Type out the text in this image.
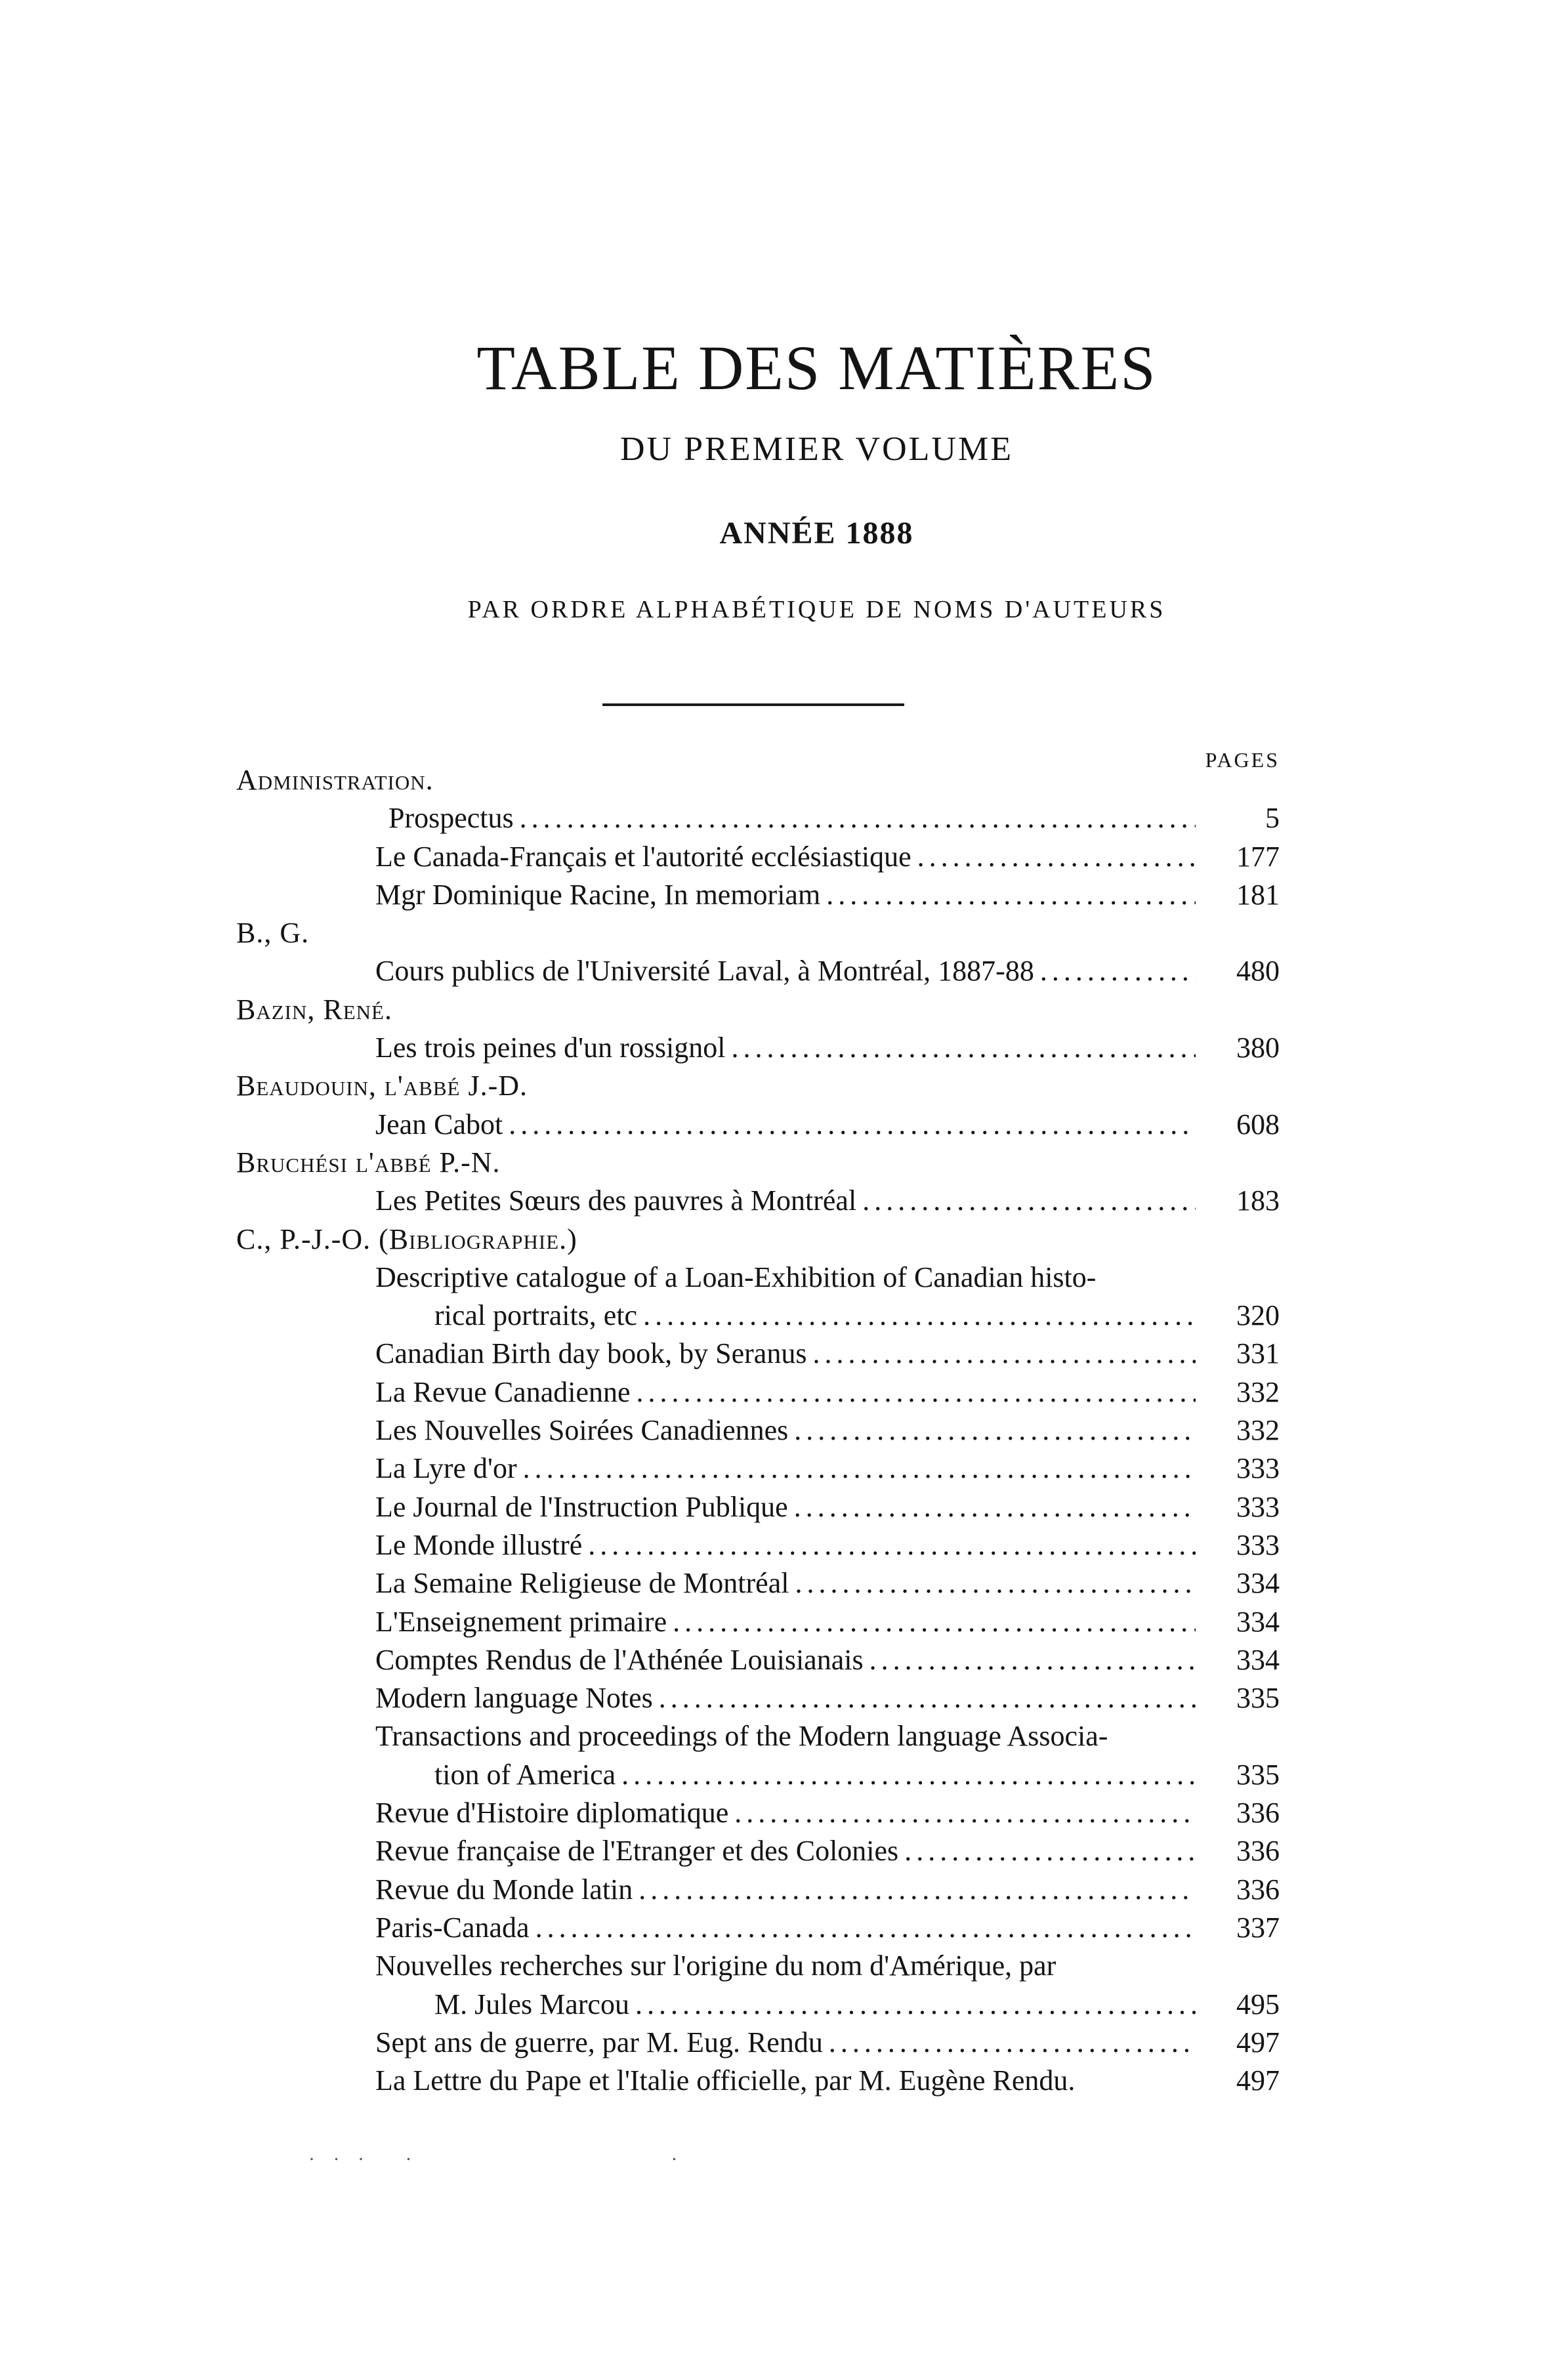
TABLE DES MATIÈRES
DU PREMIER VOLUME
ANNÉE 1888
PAR ORDRE ALPHABÉTIQUE DE NOMS D'AUTEURS
PAGES
Administration.
Prospectus . . .	5
Le Canada-Français et l'autorité ecclésiastique . . .	177
Mgr Dominique Racine, In memoriam . . .	181
B., G.
Cours publics de l'Université Laval, à Montréal, 1887-88 . . .	480
Bazin, René.
Les trois peines d'un rossignol . . .	380
Beaudouin, l'abbé J.-D.
Jean Cabot . . .	608
Bruchési l'abbé P.-N.
Les Petites Sœurs des pauvres à Montréal . . .	183
C., P.-J.-O. (Bibliographie.)
Descriptive catalogue of a Loan-Exhibition of Canadian histo-
rical portraits, etc . . .	320
Canadian Birth day book, by Seranus . . .	331
La Revue Canadienne . . .	332
Les Nouvelles Soirées Canadiennes . . .	332
La Lyre d'or . . .	333
Le Journal de l'Instruction Publique . . .	333
Le Monde illustré . . .	333
La Semaine Religieuse de Montréal . . .	334
L'Enseignement primaire . . .	334
Comptes Rendus de l'Athénée Louisianais . . .	334
Modern language Notes . . .	335
Transactions and proceedings of the Modern language Associa-
tion of America . . .	335
Revue d'Histoire diplomatique . . .	336
Revue française de l'Etranger et des Colonies . . .	336
Revue du Monde latin . . .	336
Paris-Canada . . .	337
Nouvelles recherches sur l'origine du nom d'Amérique, par
M. Jules Marcou . . .	495
Sept ans de guerre, par M. Eug. Rendu . . .	497
La Lettre du Pape et l'Italie officielle, par M. Eugène Rendu.	497
· · ·   ·                      ·
